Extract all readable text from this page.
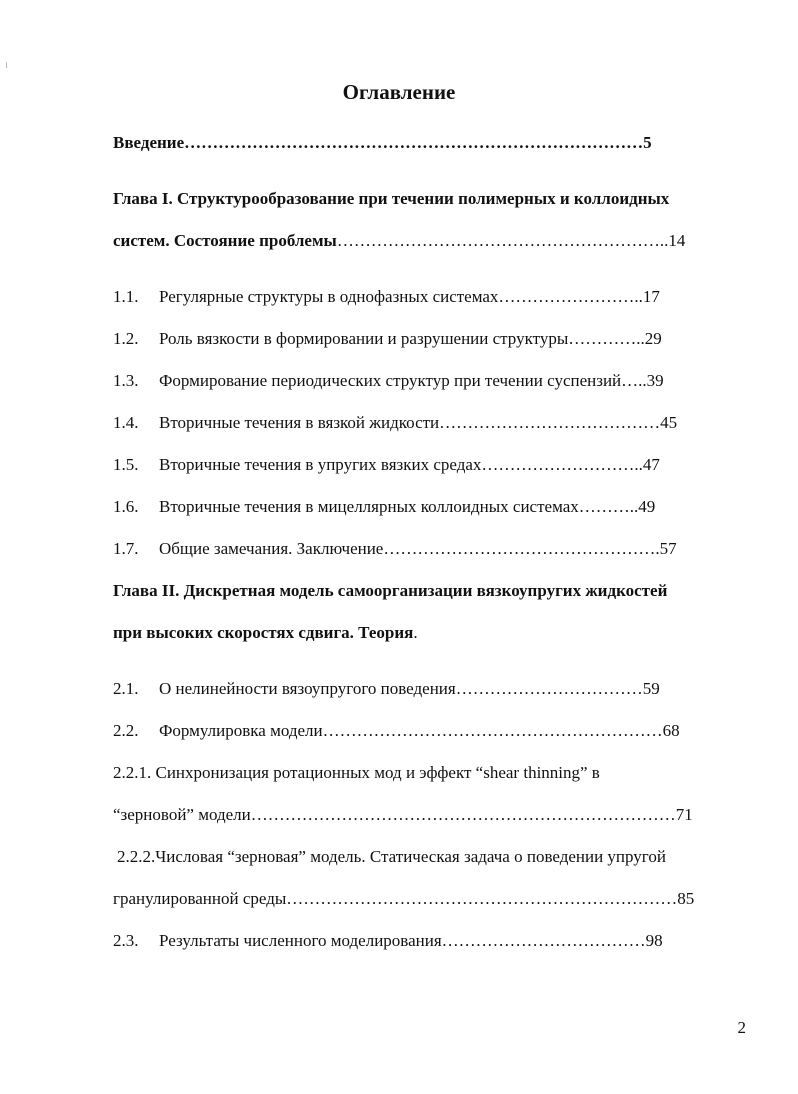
Оглавление
Введение………………………………………………………………………5
Глава I. Структурообразование при течении полимерных и коллоидных
систем. Состояние проблемы…………………………………………………..14
1.1. Регулярные структуры в однофазных системах……………………..17
1.2. Роль вязкости в формировании и разрушении структуры…………..29
1.3. Формирование периодических структур при течении суспензий…..39
1.4. Вторичные течения в вязкой жидкости…………………………………45
1.5. Вторичные течения в упругих вязких средах………………………..47
1.6. Вторичные течения в мицеллярных коллоидных системах………..49
1.7. Общие замечания. Заключение………………………………………….57
Глава II. Дискретная модель самоорганизации вязкоупругих жидкостей
при высоких скоростях сдвига. Теория.
2.1. О нелинейности вязоупругого поведения……………………………59
2.2. Формулировка модели……………………………………………………68
2.2.1. Синхронизация ротационных мод и эффект “shear thinning” в
“зерновой” модели…………………………………………………………………71
2.2.2.Числовая “зерновая” модель. Статическая задача о поведении упругой
гранулированной среды……………………………………………………………85
2.3. Результаты численного моделирования………………………………98
2
